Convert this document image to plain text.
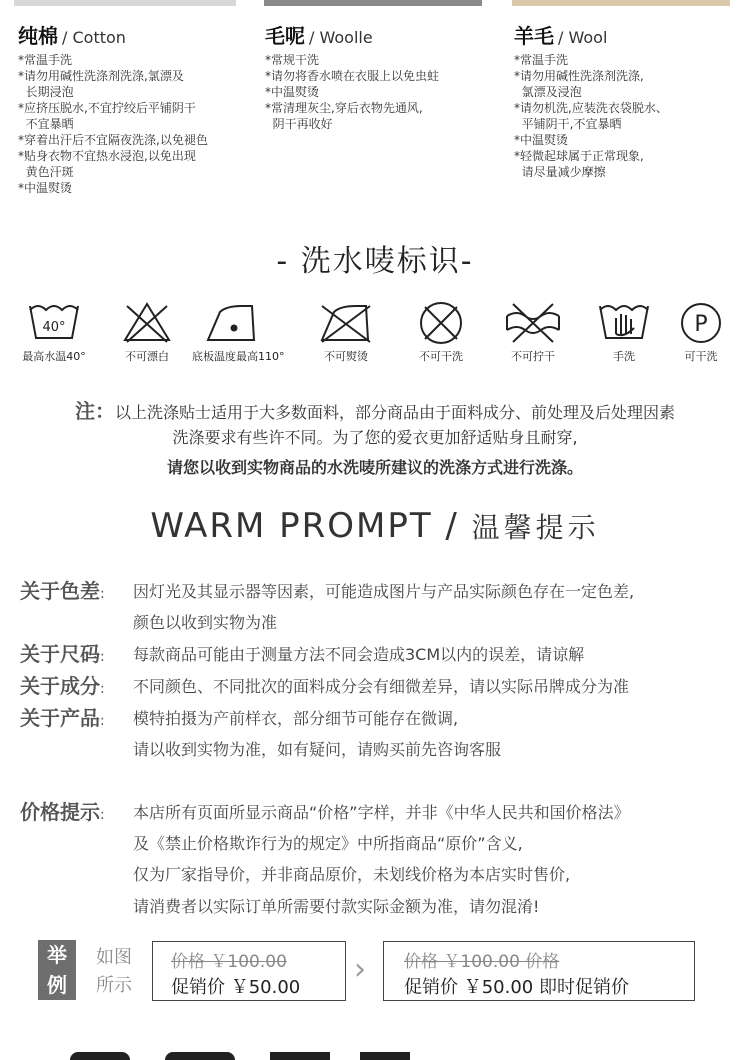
纯棉 / Cotton
*常温手洗
*请勿用碱性洗涤剂洗涤,氯漂及
长期浸泡
*应挤压脱水,不宜拧绞后平铺阴干
不宜暴晒
*穿着出汗后不宜隔夜洗涤,以免褪色
*贴身衣物不宜热水浸泡,以免出现
黄色汗斑
*中温熨烫
毛呢 / Woolle
*常规干洗
*请勿将香水喷在衣服上以免虫蛀
*中温熨烫
*常清理灰尘,穿后衣物先通风,
阴干再收好
羊毛 / Wool
*常温手洗
*请勿用碱性洗涤剂洗涤,
氯漂及浸泡
*请勿机洗,应装洗衣袋脱水、
平铺阴干,不宜暴晒
*中温熨烫
*轻微起球属于正常现象,
请尽量减少摩擦
- 洗水唛标识-
40°
最高水温40°	不可漂白	底板温度最高110°	不可熨烫	不可干洗	不可拧干	手洗
P
可干洗
注：以上洗涤贴士适用于大多数面料，部分商品由于面料成分、前处理及后处理因素
洗涤要求有些许不同。为了您的爱衣更加舒适贴身且耐穿,
请您以收到实物商品的水洗唛所建议的洗涤方式进行洗涤。
WARM PROMPT / 温馨提示
关于色差: 因灯光及其显示器等因素，可能造成图片与产品实际颜色存在一定色差,
颜色以收到实物为准
关于尺码: 每款商品可能由于测量方法不同会造成3CM以内的误差，请谅解
关于成分: 不同颜色、不同批次的面料成分会有细微差异，请以实际吊牌成分为准
关于产品: 模特拍摄为产前样衣，部分细节可能存在微调,
请以收到实物为准，如有疑问，请购买前先咨询客服
价格提示: 本店所有页面所显示商品“价格”字样，并非《中华人民共和国价格法》
及《禁止价格欺诈行为的规定》中所指商品“原价”含义,
仅为厂家指导价，并非商品原价，未划线价格为本店实时售价,
请消费者以实际订单所需要付款实际金额为准，请勿混淆!
举
例
如图
所示
价格 ￥100.00
促销价 ￥50.00
› 价格 ￥100.00 价格
促销价 ￥50.00 即时促销价
